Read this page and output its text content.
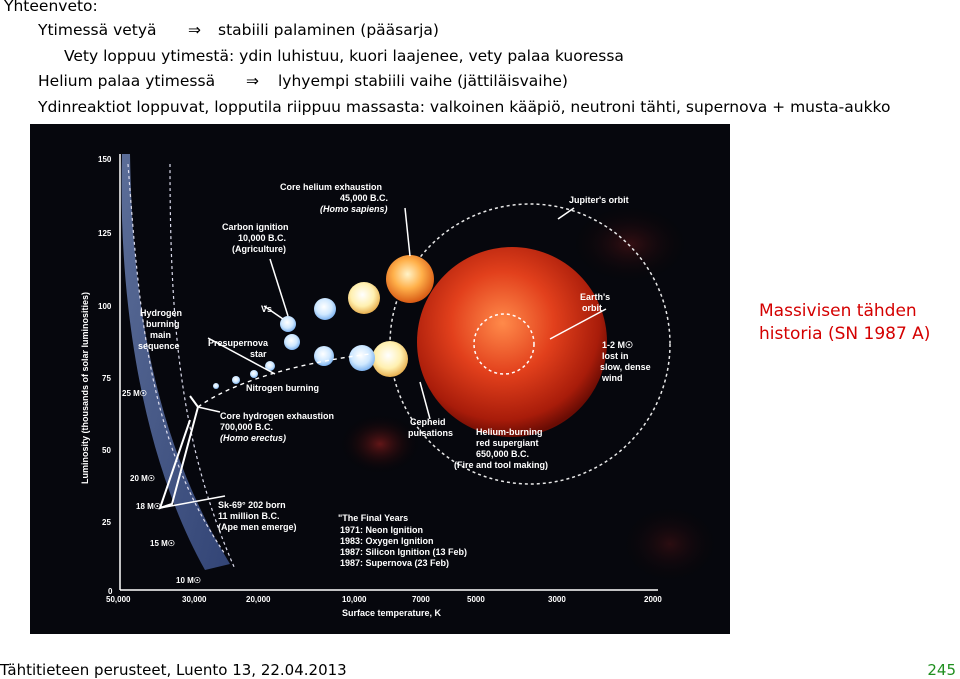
Yhteenveto:
Ytimessä vetyä ⇒ stabiili palaminen (pääsarja)
Vety loppuu ytimestä: ydin luhistuu, kuori laajenee, vety palaa kuoressa
Helium palaa ytimessä ⇒ lyhyempi stabiili vaihe (jättiläisvaihe)
Ydinreaktiot loppuvat, lopputila riippuu massasta: valkoinen kääpiö, neutroni tähti, supernova + musta-aukko
150
125
100
75
50
25
0
50,000	30,000	20,000	10,000	7000	5000	3000	2000
Luminosity (thousands of solar luminosities)
Surface temperature, K
25 M☉
20 M☉
18 M☉
15 M☉
10 M☉
Core helium exhaustion
45,000 B.C.
(Homo sapiens)
Carbon ignition
10,000 B.C.
(Agriculture)
Jupiter's orbit
Hydrogen
burning
main
sequence
Vs
Presupernova
star
Earth's
orbit
1-2 M☉
lost in
slow, dense
wind
Nitrogen burning
Core hydrogen exhaustion
700,000 B.C.
(Homo erectus)
Cepheid
pulsations	Helium-burning
red supergiant
650,000 B.C.
(Fire and tool making)
Sk-69° 202 born
11 million B.C.
(Ape men emerge)
"The Final Years
1971: Neon Ignition
1983: Oxygen Ignition
1987: Silicon Ignition (13 Feb)
1987: Supernova (23 Feb)
Massivisen tähden
historia (SN 1987 A)
Tähtitieteen perusteet, Luento 13, 22.04.2013	245
